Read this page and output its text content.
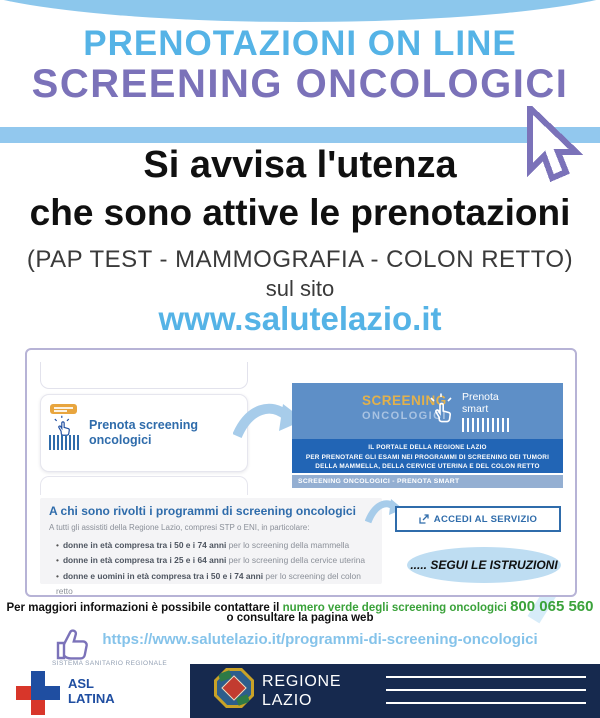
PRENOTAZIONI ON LINE
SCREENING ONCOLOGICI
Si avvisa l'utenza
che sono attive le prenotazioni
(PAP TEST - MAMMOGRAFIA - COLON RETTO)
sul sito
www.salutelazio.it
Prenota screening oncologici
SCREENING
ONCOLOGICI
Prenota
smart
IL PORTALE DELLA REGIONE LAZIO
PER PRENOTARE GLI ESAMI NEI PROGRAMMI DI SCREENING DEI TUMORI
DELLA MAMMELLA, DELLA CERVICE UTERINA E DEL COLON RETTO
SCREENING ONCOLOGICI - PRENOTA SMART
A chi sono rivolti i programmi di screening oncologici
A tutti gli assistiti della Regione Lazio, compresi STP o ENI, in particolare:
• donne in età compresa tra i 50 e i 74 anni per lo screening della mammella
• donne in età compresa tra i 25 e i 64 anni per lo screening della cervice uterina
• donne e uomini in età compresa tra i 50 e i 74 anni per lo screening del colon retto
ACCEDI AL SERVIZIO
..... SEGUI LE ISTRUZIONI
Per maggiori informazioni è possibile contattare il numero verde degli screening oncologici 800 065 560
o consultare la pagina web
https://www.salutelazio.it/programmi-di-screening-oncologici
SISTEMA SANITARIO REGIONALE
ASL
LATINA
REGIONE
LAZIO
